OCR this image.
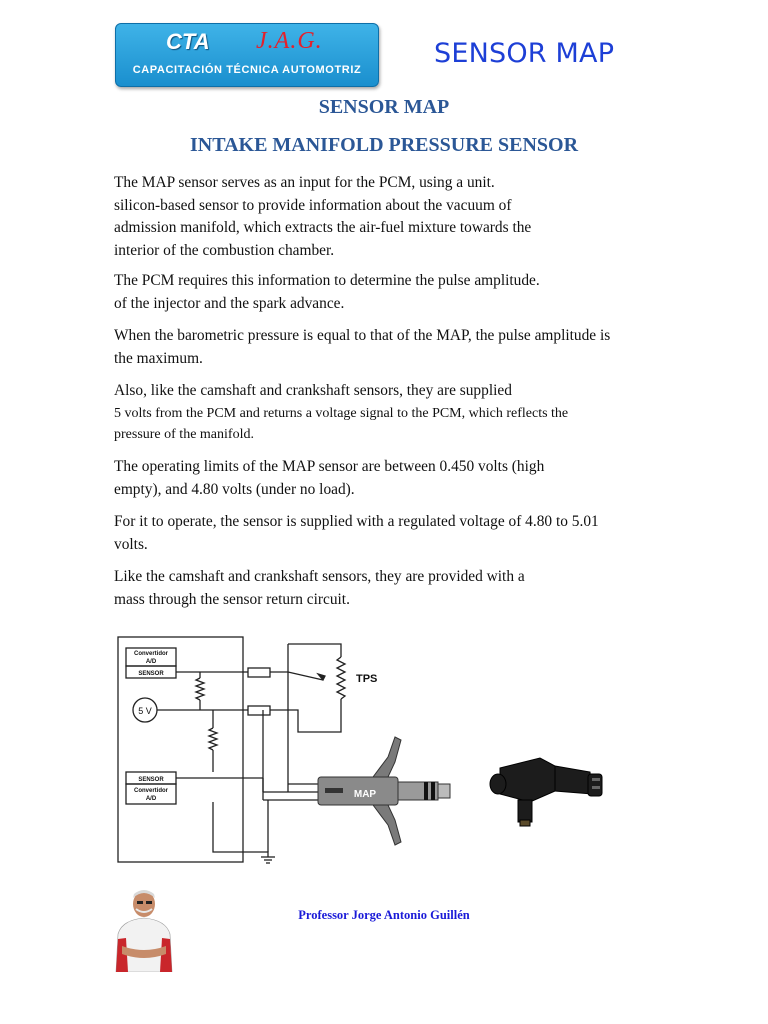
CTA J.A.G.
CAPACITACIÓN TÉCNICA AUTOMOTRIZ
SENSOR MAP
SENSOR MAP
INTAKE MANIFOLD PRESSURE SENSOR
The MAP sensor serves as an input for the PCM, using a unit.
silicon-based sensor to provide information about the vacuum of
admission manifold, which extracts the air-fuel mixture towards the
interior of the combustion chamber.
The PCM requires this information to determine the pulse amplitude.
of the injector and the spark advance.
When the barometric pressure is equal to that of the MAP, the pulse amplitude is
the maximum.
Also, like the camshaft and crankshaft sensors, they are supplied
5 volts from the PCM and returns a voltage signal to the PCM, which reflects the
pressure of the manifold.
The operating limits of the MAP sensor are between 0.450 volts (high
empty), and 4.80 volts (under no load).
For it to operate, the sensor is supplied with a regulated voltage of 4.80 to 5.01
volts.
Like the camshaft and crankshaft sensors, they are provided with a
mass through the sensor return circuit.
Convertidor
A/D
SENSOR
5 V
SENSOR
Convertidor
A/D
TPS
MAP
Professor Jorge Antonio Guillén
